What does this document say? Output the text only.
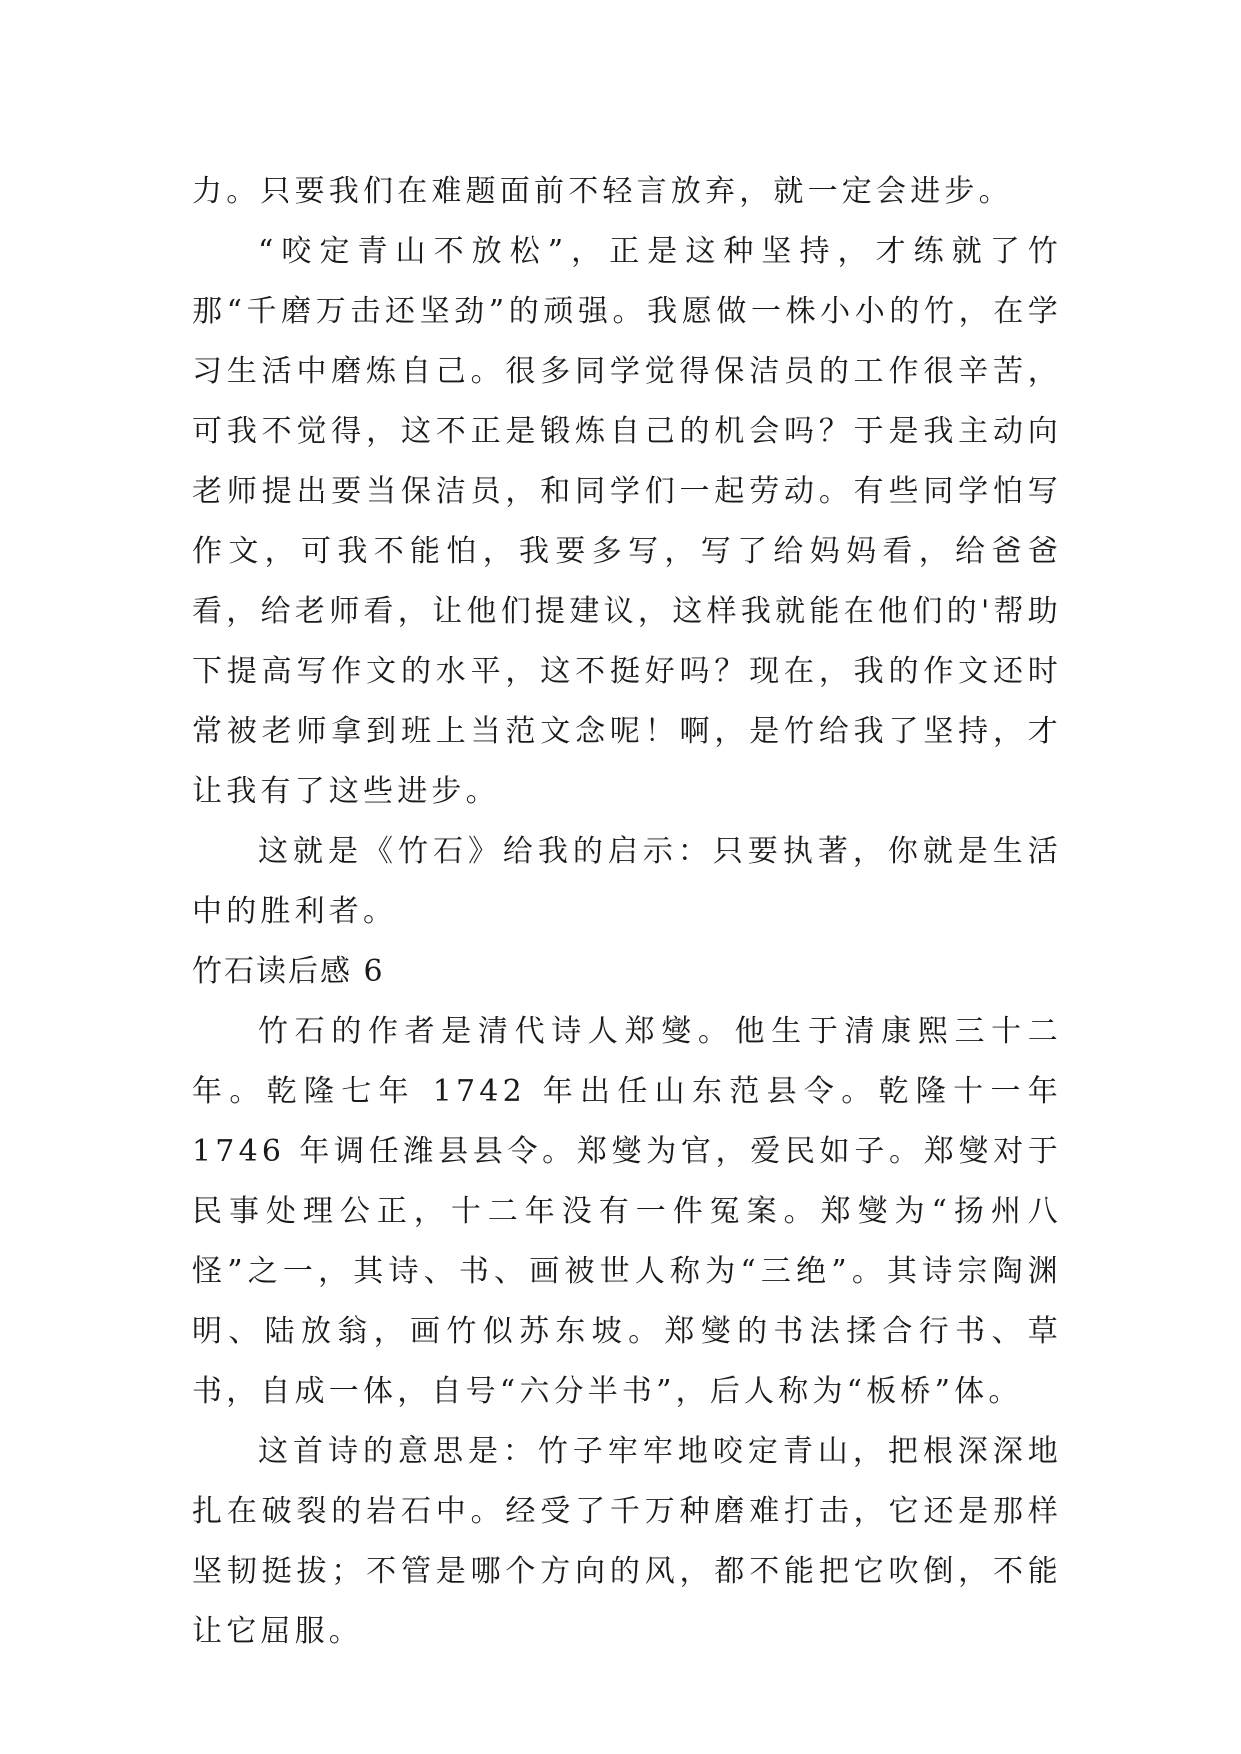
力。只要我们在难题面前不轻言放弃，就一定会进步。

“咬定青山不放松”，正是这种坚持，才练就了竹那“千磨万击还坚劲”的顽强。我愿做一株小小的竹，在学习生活中磨炼自己。很多同学觉得保洁员的工作很辛苦，可我不觉得，这不正是锻炼自己的机会吗？于是我主动向老师提出要当保洁员，和同学们一起劳动。有些同学怕写作文，可我不能怕，我要多写，写了给妈妈看，给爸爸看，给老师看，让他们提建议，这样我就能在他们的'帮助下提高写作文的水平，这不挺好吗？现在，我的作文还时常被老师拿到班上当范文念呢！啊，是竹给我了坚持，才让我有了这些进步。

这就是《竹石》给我的启示：只要执著，你就是生活中的胜利者。

竹石读后感 6

竹石的作者是清代诗人郑燮。他生于清康熙三十二年。乾隆七年 1742 年出任山东范县令。乾隆十一年 1746 年调任潍县县令。郑燮为官，爱民如子。郑燮对于民事处理公正，十二年没有一件冤案。郑燮为“扬州八怪”之一，其诗、书、画被世人称为“三绝”。其诗宗陶渊明、陆放翁，画竹似苏东坡。郑燮的书法揉合行书、草书，自成一体，自号“六分半书”，后人称为“板桥”体。

这首诗的意思是：竹子牢牢地咬定青山，把根深深地扎在破裂的岩石中。经受了千万种磨难打击，它还是那样坚韧挺拔；不管是哪个方向的风，都不能把它吹倒，不能让它屈服。
